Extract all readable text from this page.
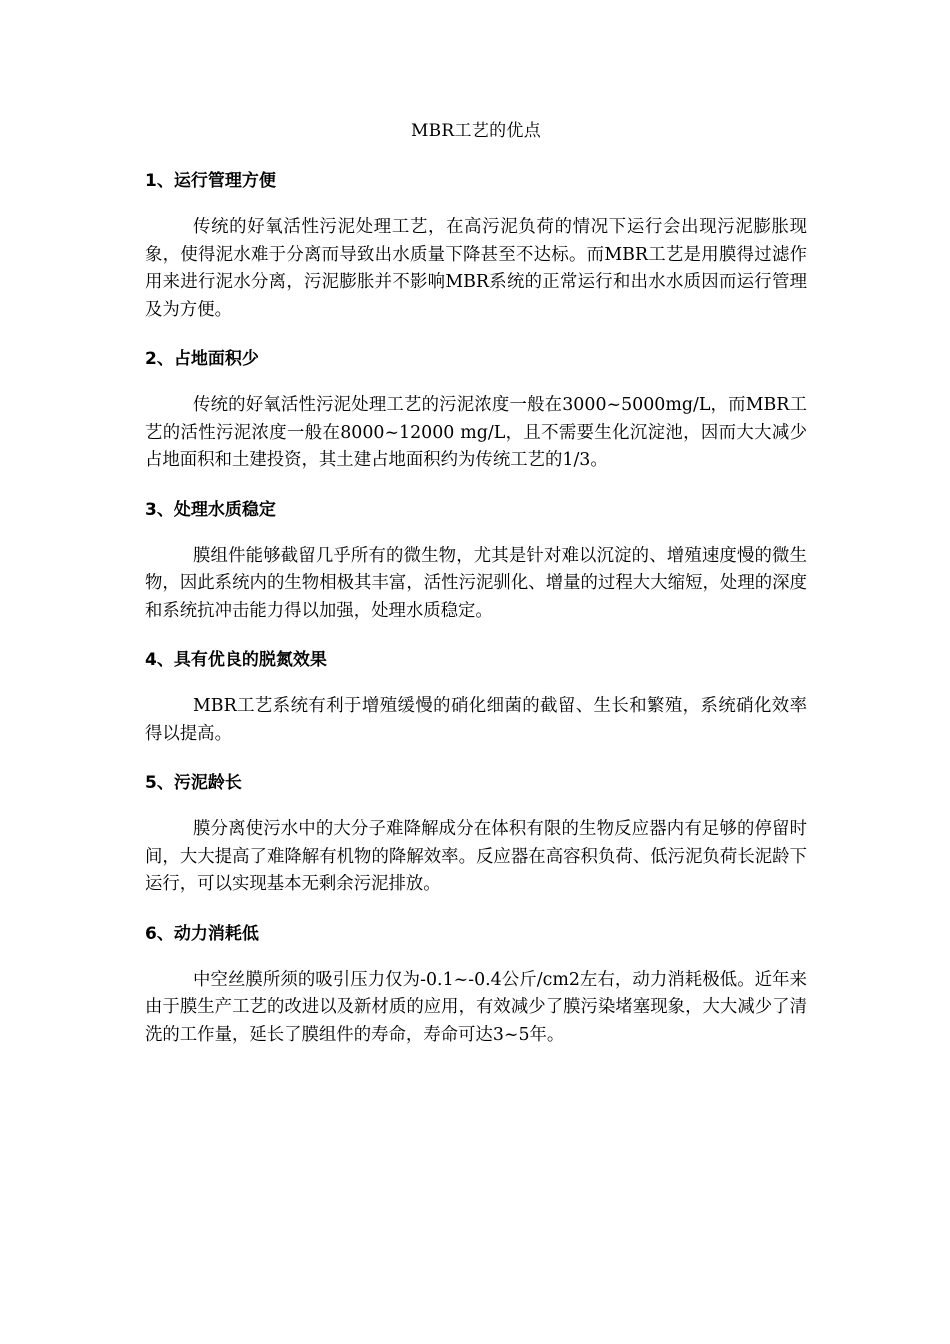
MBR工艺的优点
1、运行管理方便

传统的好氧活性污泥处理工艺，在高污泥负荷的情况下运行会出现污泥膨胀现象，使得泥水难于分离而导致出水质量下降甚至不达标。而MBR工艺是用膜得过滤作用来进行泥水分离，污泥膨胀并不影响MBR系统的正常运行和出水水质因而运行管理及为方便。

2、占地面积少

传统的好氧活性污泥处理工艺的污泥浓度一般在3000~5000mg/L，而MBR工艺的活性污泥浓度一般在8000~12000 mg/L，且不需要生化沉淀池，因而大大减少占地面积和土建投资，其土建占地面积约为传统工艺的1/3。

3、处理水质稳定

膜组件能够截留几乎所有的微生物，尤其是针对难以沉淀的、增殖速度慢的微生物，因此系统内的生物相极其丰富，活性污泥驯化、增量的过程大大缩短，处理的深度和系统抗冲击能力得以加强，处理水质稳定。

4、具有优良的脱氮效果

MBR工艺系统有利于增殖缓慢的硝化细菌的截留、生长和繁殖，系统硝化效率得以提高。

5、污泥龄长

膜分离使污水中的大分子难降解成分在体积有限的生物反应器内有足够的停留时间，大大提高了难降解有机物的降解效率。反应器在高容积负荷、低污泥负荷长泥龄下运行，可以实现基本无剩余污泥排放。

6、动力消耗低

中空丝膜所须的吸引压力仅为-0.1~-0.4公斤/cm2左右，动力消耗极低。近年来由于膜生产工艺的改进以及新材质的应用，有效减少了膜污染堵塞现象，大大减少了清洗的工作量，延长了膜组件的寿命，寿命可达3~5年。
